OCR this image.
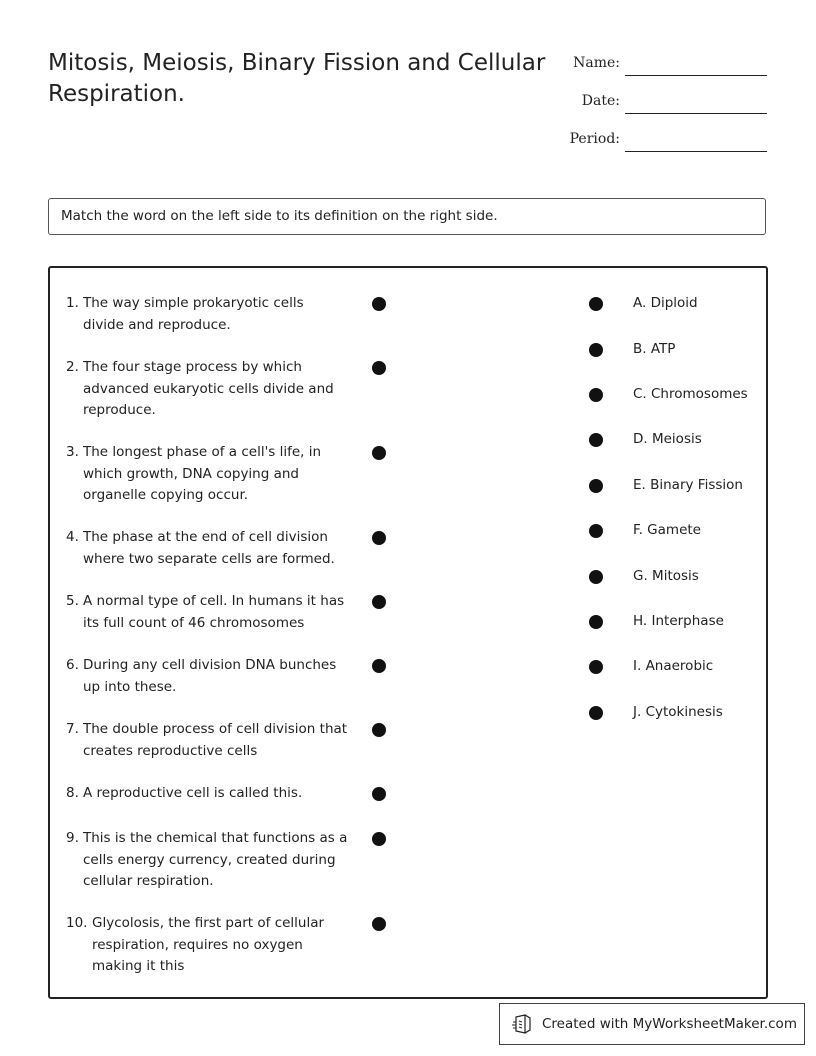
Mitosis, Meiosis, Binary Fission and Cellular Respiration.
Name:
Date:
Period:
Match the word on the left side to its definition on the right side.
1. The way simple prokaryotic cells divide and reproduce.
2. The four stage process by which advanced eukaryotic cells divide and reproduce.
3. The longest phase of a cell's life, in which growth, DNA copying and organelle copying occur.
4. The phase at the end of cell division where two separate cells are formed.
5. A normal type of cell. In humans it has its full count of 46 chromosomes
6. During any cell division DNA bunches up into these.
7. The double process of cell division that creates reproductive cells
8. A reproductive cell is called this.
9. This is the chemical that functions as a cells energy currency, created during cellular respiration.
10. Glycolosis, the first part of cellular respiration, requires no oxygen making it this
A. Diploid
B. ATP
C. Chromosomes
D. Meiosis
E. Binary Fission
F. Gamete
G. Mitosis
H. Interphase
I. Anaerobic
J. Cytokinesis
Created with MyWorksheetMaker.com
